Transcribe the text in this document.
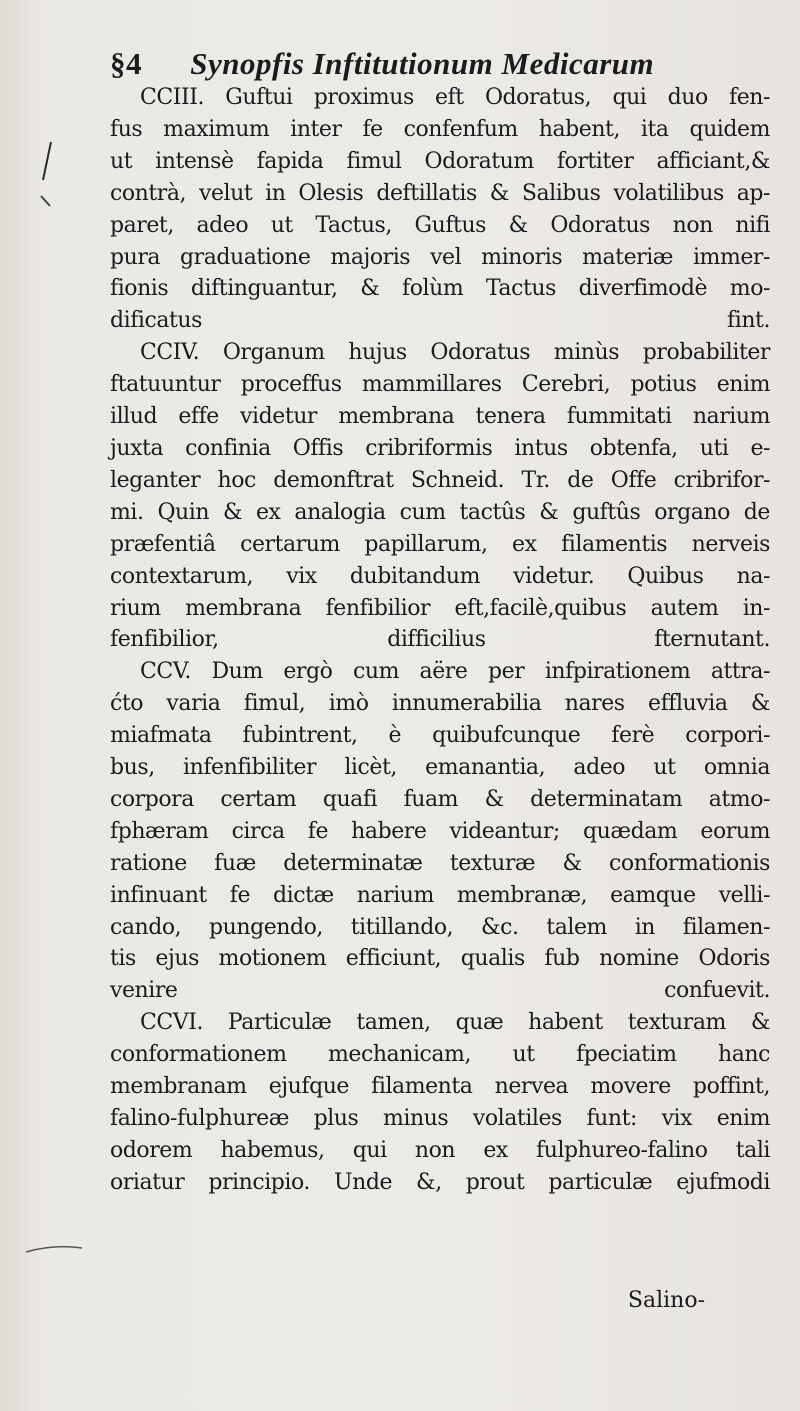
§4 Synopfis Inftitutionum Medicarum
CCIII. Guftui proximus eft Odoratus, qui duo fen-
fus maximum inter fe confenfum habent, ita quidem
ut intensè fapida fimul Odoratum fortiter afficiant,&
contrà, velut in Olesis deftillatis & Salibus volatilibus ap-
paret, adeo ut Tactus, Guftus & Odoratus non nifi
pura graduatione majoris vel minoris materiæ immer-
fionis diftinguantur, & folùm Tactus diverfimodè mo-
dificatus fint.
CCIV. Organum hujus Odoratus minùs probabiliter
ftatuuntur proceffus mammillares Cerebri, potius enim
illud effe videtur membrana tenera fummitati narium
juxta confinia Offis cribriformis intus obtenfa, uti e-
leganter hoc demonftrat Schneid. Tr. de Offe cribrifor-
mi. Quin & ex analogia cum tactûs & guftûs organo de
præfentiâ certarum papillarum, ex filamentis nerveis
contextarum, vix dubitandum videtur. Quibus na-
rium membrana fenfibilior eft,facilè,quibus autem in-
fenfibilior, difficilius fternutant.
CCV. Dum ergò cum aëre per infpirationem attra-
ćto varia fimul, imò innumerabilia nares effluvia &
miafmata fubintrent, è quibufcunque ferè corpori-
bus, infenfibiliter licèt, emanantia, adeo ut omnia
corpora certam quafi fuam & determinatam atmo-
fphæram circa fe habere videantur; quædam eorum
ratione fuæ determinatæ texturæ & conformationis
infinuant fe dictæ narium membranæ, eamque velli-
cando, pungendo, titillando, &c. talem in filamen-
tis ejus motionem efficiunt, qualis fub nomine Odoris
venire confuevit.
CCVI. Particulæ tamen, quæ habent texturam &
conformationem mechanicam, ut fpeciatim hanc
membranam ejufque filamenta nervea movere poffint,
falino-fulphureæ plus minus volatiles funt: vix enim
odorem habemus, qui non ex fulphureo-falino tali
oriatur principio. Unde &, prout particulæ ejufmodi
Salino-
